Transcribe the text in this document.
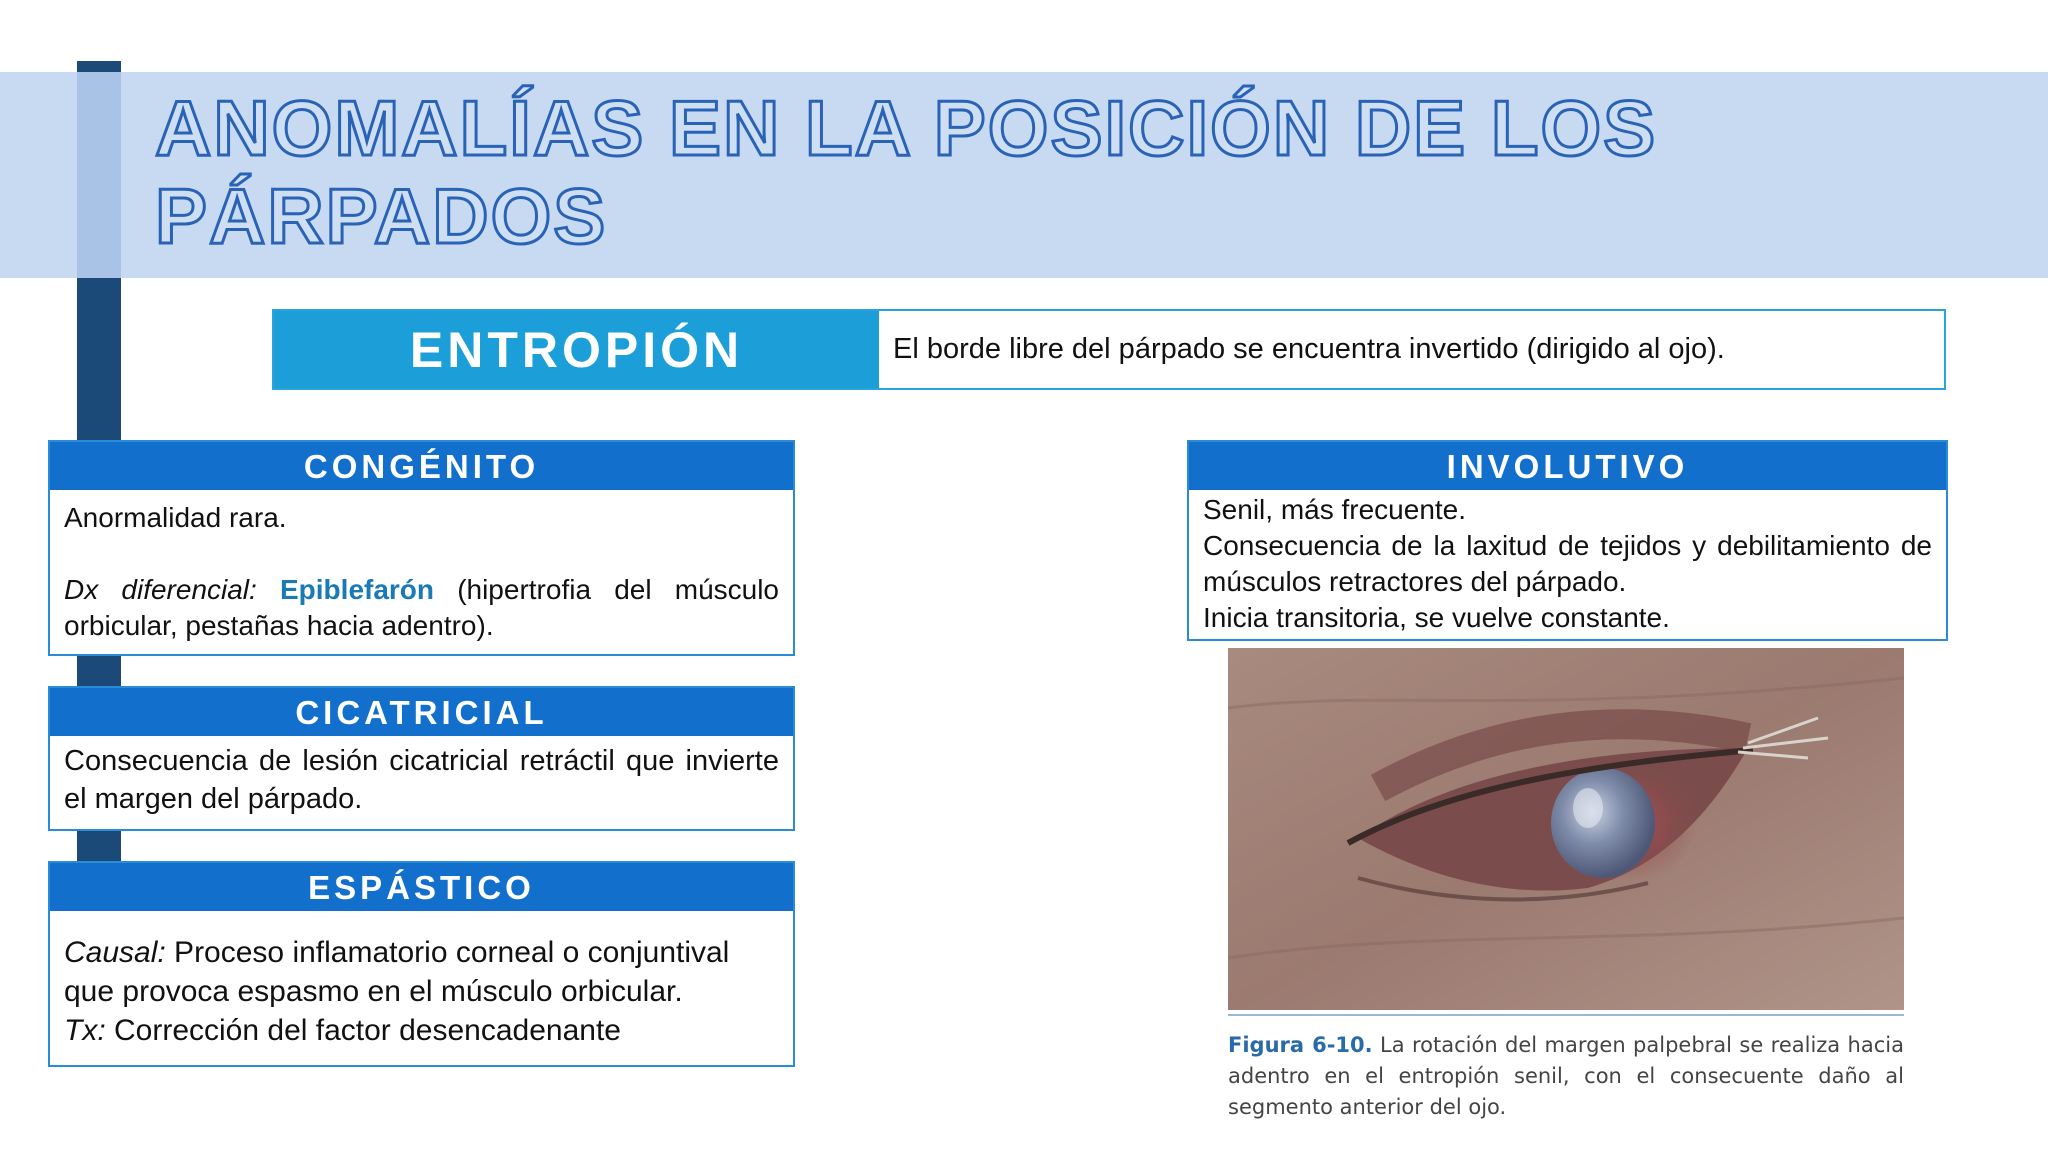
ANOMALÍAS EN LA POSICIÓN DE LOS
PÁRPADOS
ENTROPIÓN	El borde libre del párpado se encuentra invertido (dirigido al ojo).
CONGÉNITO

Anormalidad rara.

Dx diferencial: Epiblefarón (hipertrofia del músculo orbicular, pestañas hacia adentro).

CICATRICIAL

Consecuencia de lesión cicatricial retráctil que invierte el margen del párpado.

ESPÁSTICO

Causal: Proceso inflamatorio corneal o conjuntival que provoca espasmo en el músculo orbicular.

Tx: Corrección del factor desencadenante

INVOLUTIVO

Senil, más frecuente.

Consecuencia de la laxitud de tejidos y debilitamiento de músculos retractores del párpado.

Inicia transitoria, se vuelve constante.

Figura 6-10. La rotación del margen palpebral se realiza hacia adentro en el entropión senil, con el consecuente daño al segmento anterior del ojo.
